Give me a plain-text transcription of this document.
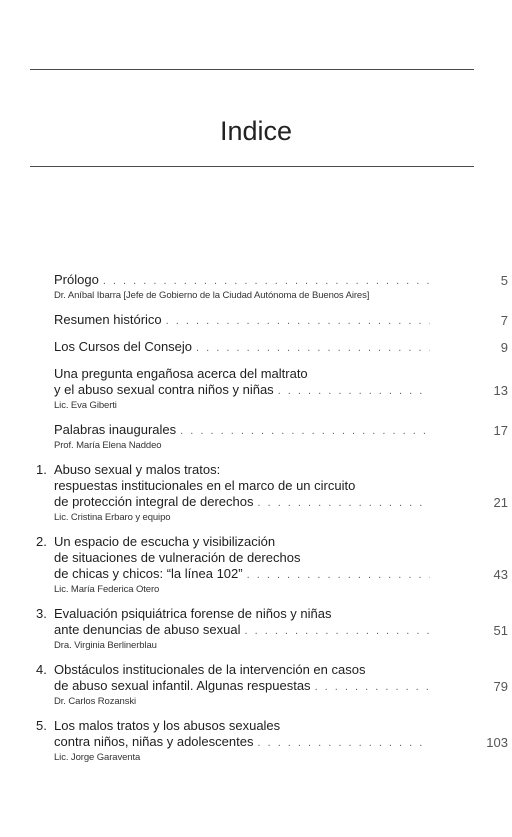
Indice
Prólogo . . .	5
Dr. Aníbal Ibarra [Jefe de Gobierno de la Ciudad Autónoma de Buenos Aires]
Resumen histórico . . .	7
Los Cursos del Consejo . . .	9
Una pregunta engañosa acerca del maltrato
y el abuso sexual contra niños y niñas . . .	13
Lic. Eva Giberti
Palabras inaugurales . . .	17
Prof. María Elena Naddeo
1. Abuso sexual y malos tratos:
respuestas institucionales en el marco de un circuito
de protección integral de derechos . . .	21
Lic. Cristina Erbaro y equipo
2. Un espacio de escucha y visibilización
de situaciones de vulneración de derechos
de chicas y chicos: “la línea 102” . . .	43
Lic. María Federica Otero
3. Evaluación psiquiátrica forense de niños y niñas
ante denuncias de abuso sexual . . .	51
Dra. Virginia Berlinerblau
4. Obstáculos institucionales de la intervención en casos
de abuso sexual infantil. Algunas respuestas . . .	79
Dr. Carlos Rozanski
5. Los malos tratos y los abusos sexuales
contra niños, niñas y adolescentes . . .	103
Lic. Jorge Garaventa
